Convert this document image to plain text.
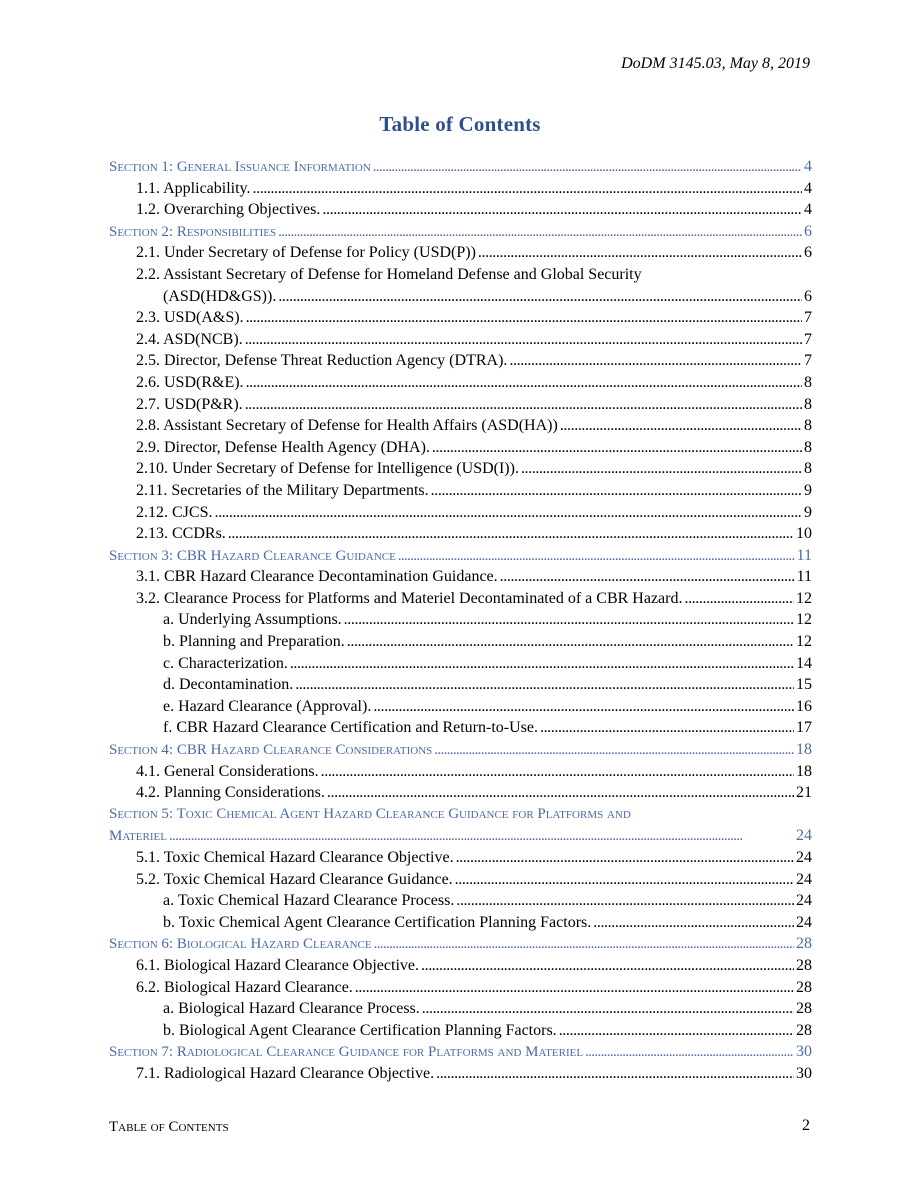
DoDM 3145.03, May 8, 2019
Table of Contents
Section 1: General Issuance Information . . .	4
1.1. Applicability. . . .	4
1.2. Overarching Objectives. . . .	4
Section 2: Responsibilities . . .	6
2.1. Under Secretary of Defense for Policy (USD(P)) . . .	6
2.2. Assistant Secretary of Defense for Homeland Defense and Global Security
(ASD(HD&GS)). . . .	6
2.3. USD(A&S). . . .	7
2.4. ASD(NCB). . . .	7
2.5. Director, Defense Threat Reduction Agency (DTRA). . . .	7
2.6. USD(R&E). . . .	8
2.7. USD(P&R). . . .	8
2.8. Assistant Secretary of Defense for Health Affairs (ASD(HA)) . . .	8
2.9. Director, Defense Health Agency (DHA). . . .	8
2.10. Under Secretary of Defense for Intelligence (USD(I)). . . .	8
2.11. Secretaries of the Military Departments. . . .	9
2.12. CJCS. . . .	9
2.13. CCDRs. . . .	10
Section 3: CBR Hazard Clearance Guidance . . .	11
3.1. CBR Hazard Clearance Decontamination Guidance. . . .	11
3.2. Clearance Process for Platforms and Materiel Decontaminated of a CBR Hazard. . . .	12
a. Underlying Assumptions. . . .	12
b. Planning and Preparation. . . .	12
c. Characterization. . . .	14
d. Decontamination. . . .	15
e. Hazard Clearance (Approval). . . .	16
f. CBR Hazard Clearance Certification and Return-to-Use. . . .	17
Section 4: CBR Hazard Clearance Considerations . . .	18
4.1. General Considerations. . . .	18
4.2. Planning Considerations. . . .	21
Section 5: Toxic Chemical Agent Hazard Clearance Guidance for Platforms and
Materiel . . .	24
5.1. Toxic Chemical Hazard Clearance Objective. . . .	24
5.2. Toxic Chemical Hazard Clearance Guidance. . . .	24
a. Toxic Chemical Hazard Clearance Process. . . .	24
b. Toxic Chemical Agent Clearance Certification Planning Factors. . . .	24
Section 6: Biological Hazard Clearance . . .	28
6.1. Biological Hazard Clearance Objective. . . .	28
6.2. Biological Hazard Clearance. . . .	28
a. Biological Hazard Clearance Process. . . .	28
b. Biological Agent Clearance Certification Planning Factors. . . .	28
Section 7: Radiological Clearance Guidance for Platforms and Materiel . . .	30
7.1. Radiological Hazard Clearance Objective. . . .	30
Table of Contents	2
